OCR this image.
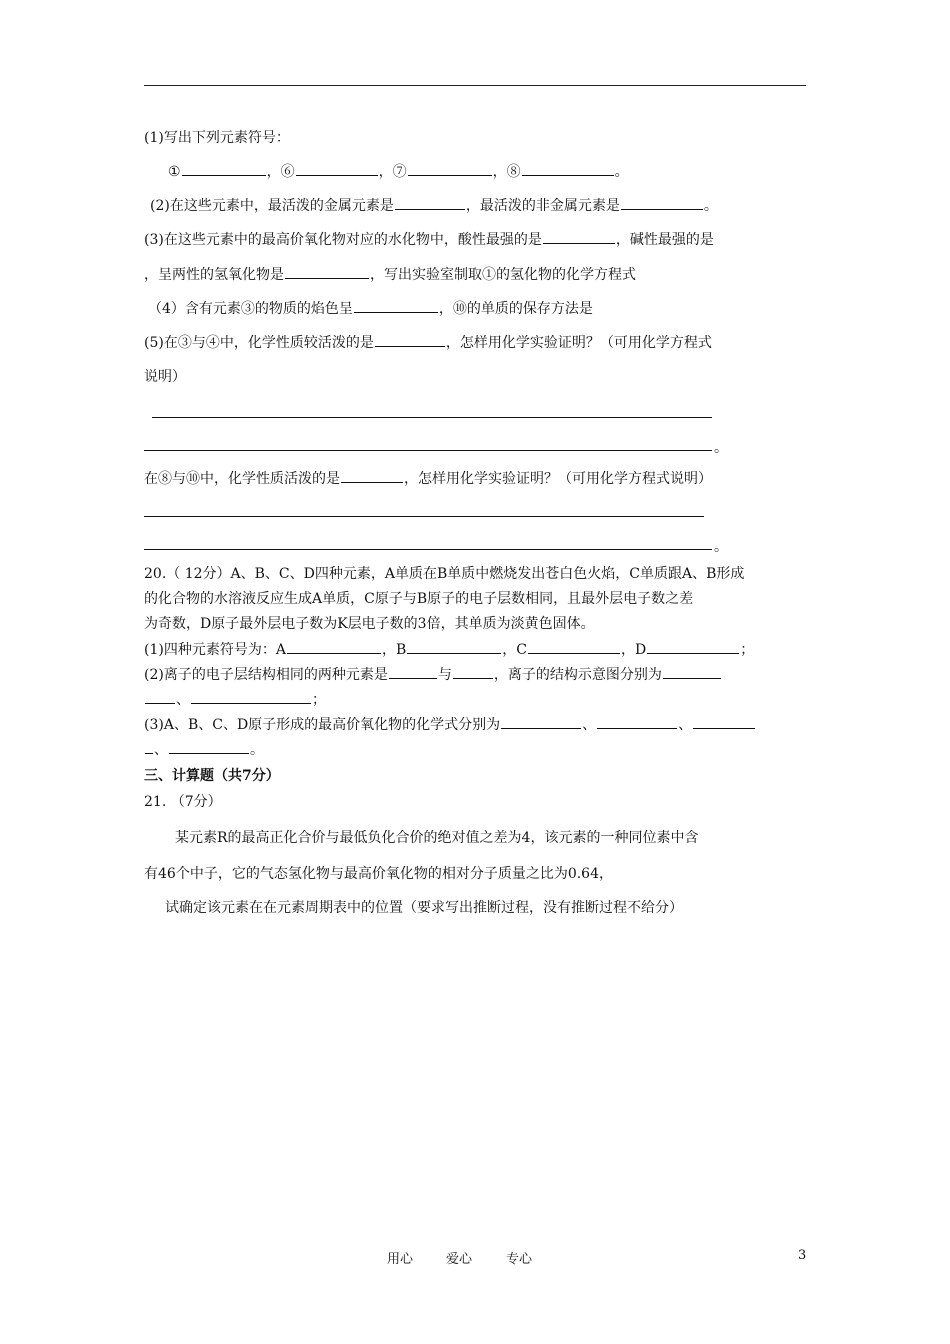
(1)写出下列元素符号：
①	，⑥	，⑦	，⑧	。
(2)在这些元素中，最活泼的金属元素是	，最活泼的非金属元素是	。
(3)在这些元素中的最高价氧化物对应的水化物中，酸性最强的是	，碱性最强的是
，呈两性的氢氧化物是	，写出实验室制取①的氢化物的化学方程式
（4）含有元素③的物质的焰色呈	，⑩的单质的保存方法是
(5)在③与④中，化学性质较活泼的是	，怎样用化学实验证明？（可用化学方程式
说明）
。
在⑧与⑩中，化学性质活泼的是	，怎样用化学实验证明？（可用化学方程式说明）
。
20.（ 12分）A、B、C、D四种元素，A单质在B单质中燃烧发出苍白色火焰，C单质跟A、B形成
的化合物的水溶液反应生成A单质，C原子与B原子的电子层数相同，且最外层电子数之差
为奇数，D原子最外层电子数为K层电子数的3倍，其单质为淡黄色固体。
(1)四种元素符号为：A	，B	，C	，D	；
(2)离子的电子层结构相同的两种元素是	与	，离子的结构示意图分别为
、	；
(3)A、B、C、D原子形成的最高价氧化物的化学式分别为	、	、
、	。
三、计算题（共7分）
21. （7分）
某元素R的最高正化合价与最低负化合价的绝对值之差为4，该元素的一种同位素中含
有46个中子，它的气态氢化物与最高价氧化物的相对分子质量之比为0.64，
试确定该元素在在元素周期表中的位置（要求写出推断过程，没有推断过程不给分）
用心	爱心	专心	3
